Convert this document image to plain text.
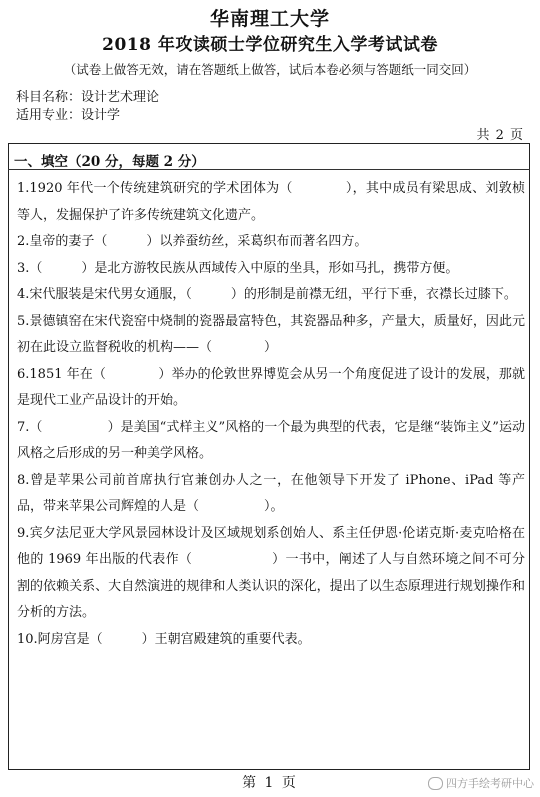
华南理工大学
2018 年攻读硕士学位研究生入学考试试卷
（试卷上做答无效，请在答题纸上做答，试后本卷必须与答题纸一同交回）
科目名称：设计艺术理论
适用专业：设计学
共 2 页
一、填空（20 分，每题 2 分）

1.1920 年代一个传统建筑研究的学术团体为（　　　　），其中成员有梁思成、刘敦桢等人，发掘保护了许多传统建筑文化遗产。

2.皇帝的妻子（　　　）以养蚕纺丝，采葛织布而著名四方。

3.（　　　）是北方游牧民族从西域传入中原的坐具，形如马扎，携带方便。

4.宋代服装是宋代男女通服，（　　　）的形制是前襟无纽，平行下垂，衣襟长过膝下。

5.景德镇窑在宋代瓷窑中烧制的瓷器最富特色，其瓷器品种多，产量大，质量好，因此元初在此设立监督税收的机构——（　　　　）

6.1851 年在（　　　　）举办的伦敦世界博览会从另一个角度促进了设计的发展，那就是现代工业产品设计的开始。

7.（　　　　　）是美国“式样主义”风格的一个最为典型的代表，它是继“装饰主义”运动风格之后形成的另一种美学风格。

8.曾是苹果公司前首席执行官兼创办人之一，在他领导下开发了 iPhone、iPad 等产品，带来苹果公司辉煌的人是（　　　　　）。

9.宾夕法尼亚大学风景园林设计及区域规划系创始人、系主任伊恩·伦诺克斯·麦克哈格在他的 1969 年出版的代表作（　　　　　　）一书中，阐述了人与自然环境之间不可分割的依赖关系、大自然演进的规律和人类认识的深化，提出了以生态原理进行规划操作和分析的方法。

10.阿房宫是（　　　）王朝宫殿建筑的重要代表。

第 1 页	四方手绘考研中心
